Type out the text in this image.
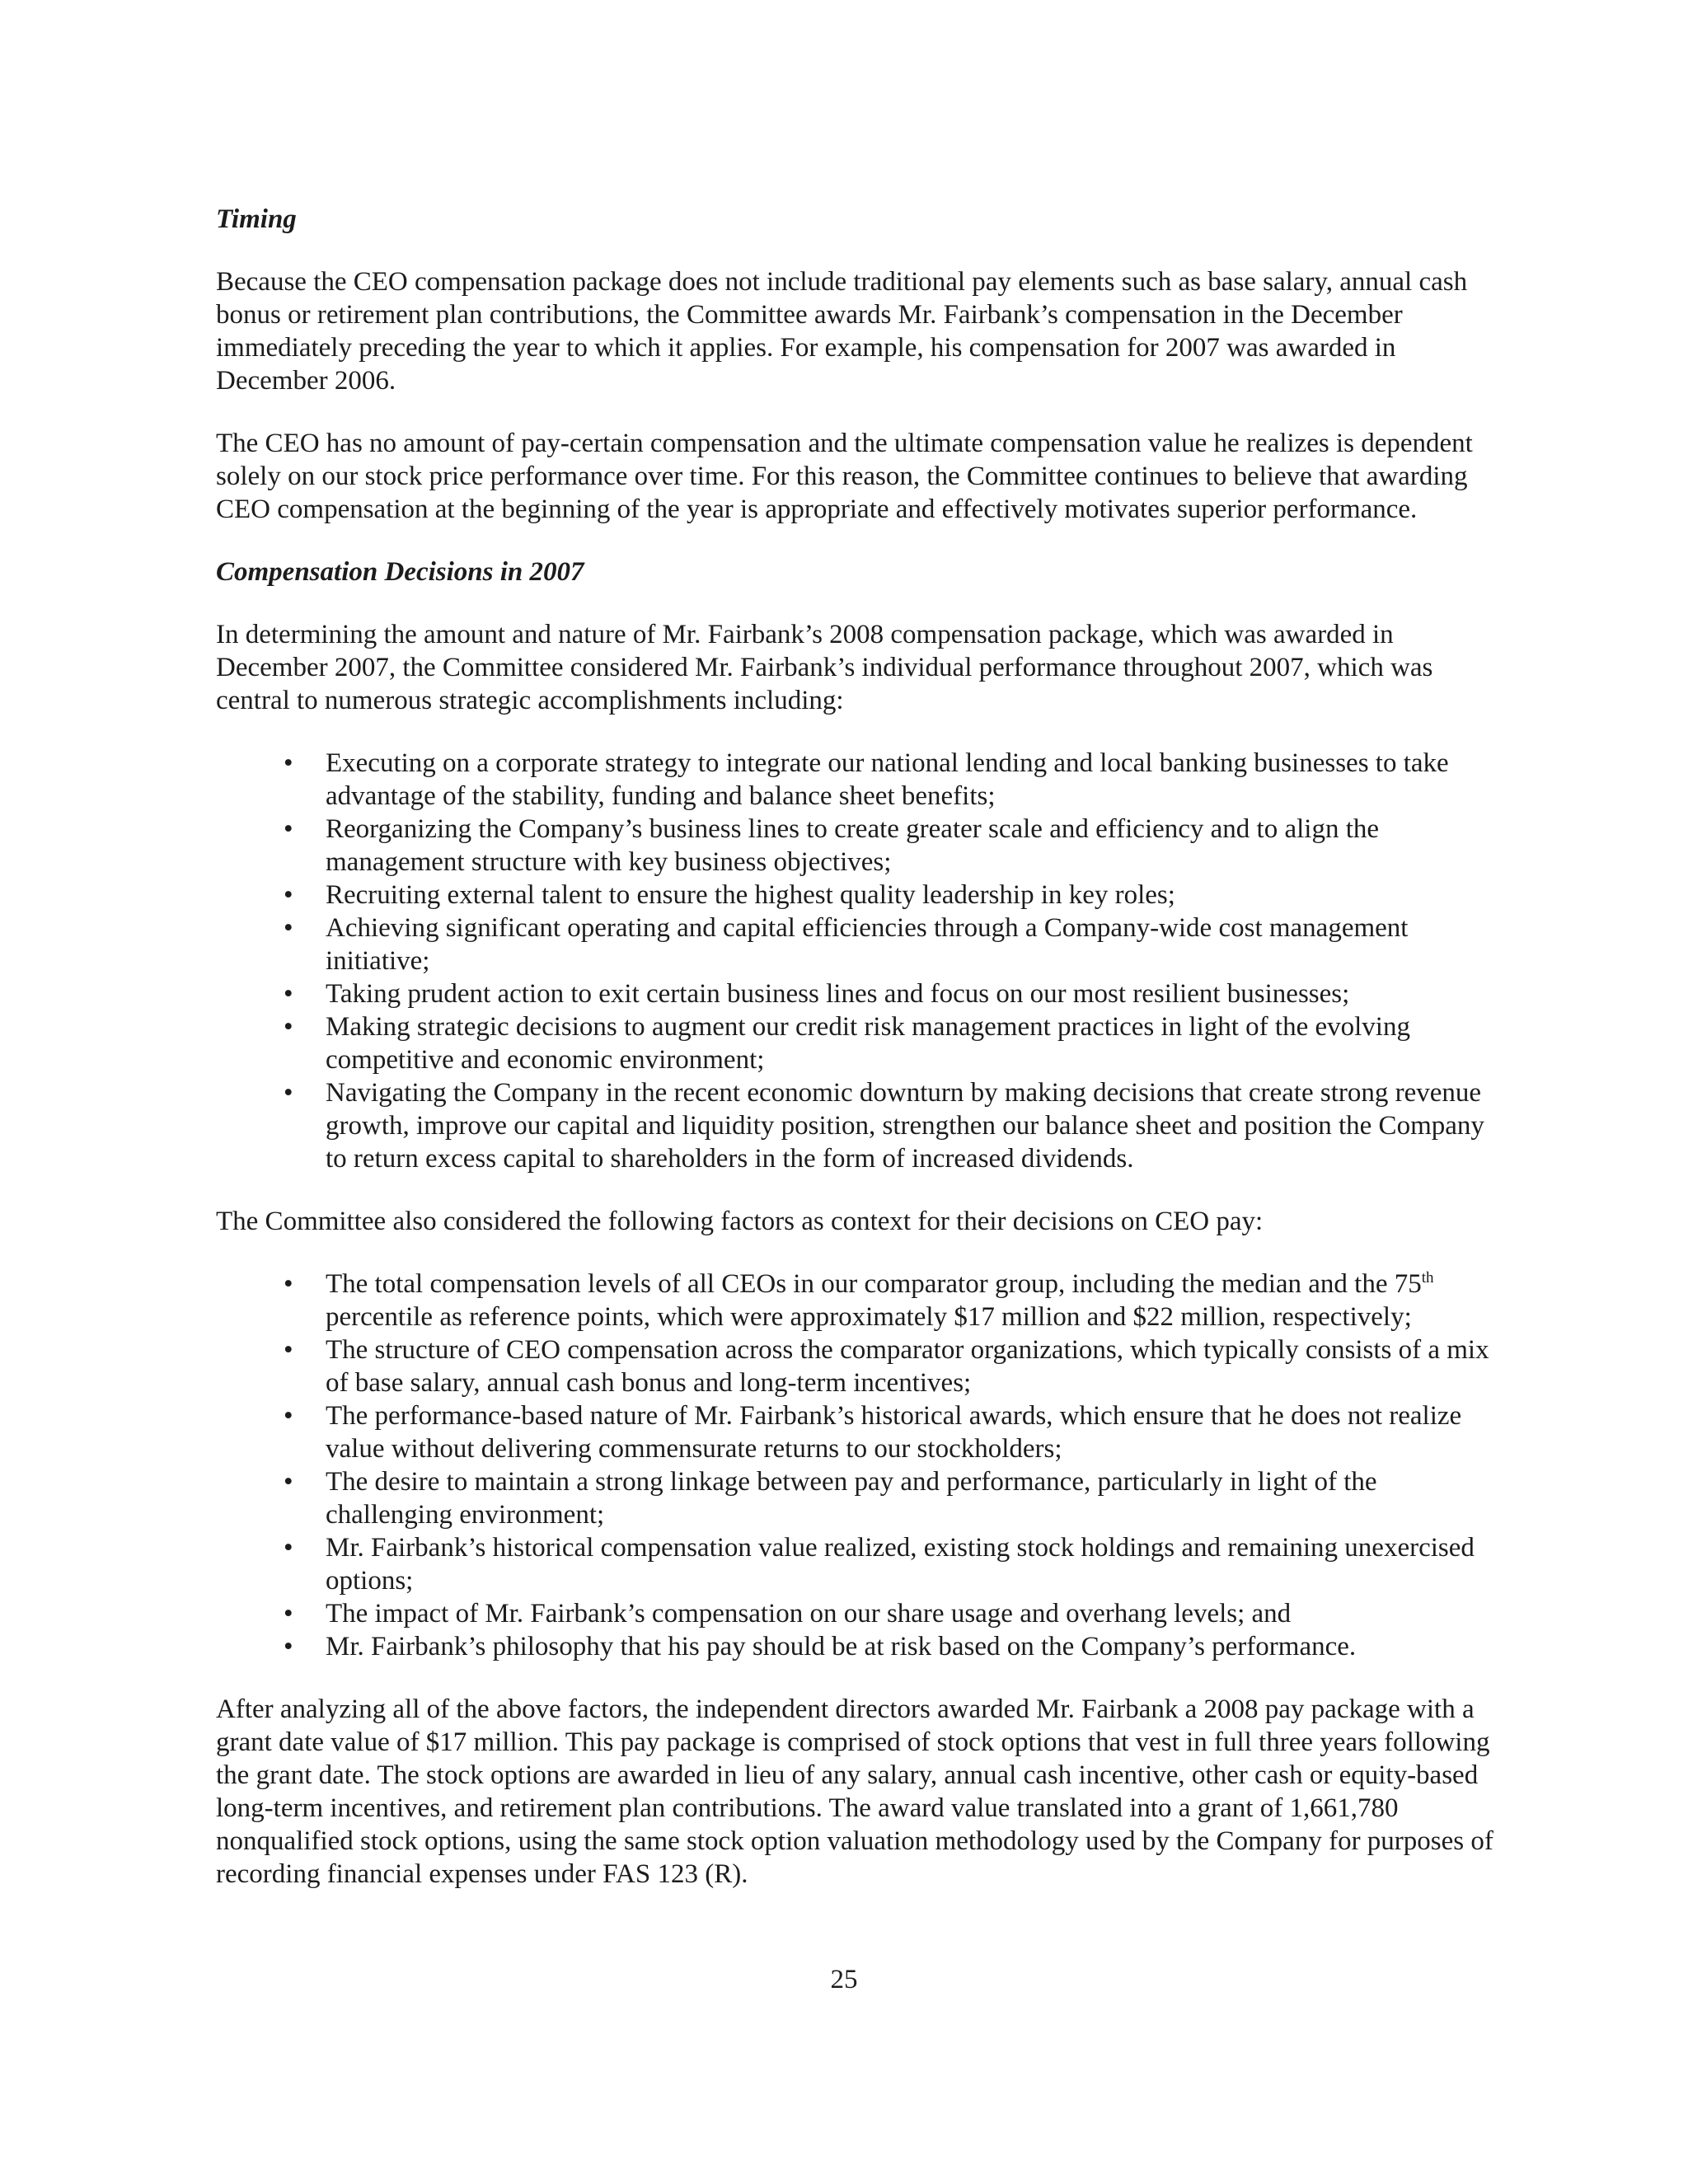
Timing

Because the CEO compensation package does not include traditional pay elements such as base salary, annual cash bonus or retirement plan contributions, the Committee awards Mr. Fairbank’s compensation in the December immediately preceding the year to which it applies. For example, his compensation for 2007 was awarded in December 2006.

The CEO has no amount of pay-certain compensation and the ultimate compensation value he realizes is dependent solely on our stock price performance over time. For this reason, the Committee continues to believe that awarding CEO compensation at the beginning of the year is appropriate and effectively motivates superior performance.

Compensation Decisions in 2007

In determining the amount and nature of Mr. Fairbank’s 2008 compensation package, which was awarded in December 2007, the Committee considered Mr. Fairbank’s individual performance throughout 2007, which was central to numerous strategic accomplishments including:

• Executing on a corporate strategy to integrate our national lending and local banking businesses to take advantage of the stability, funding and balance sheet benefits;
• Reorganizing the Company’s business lines to create greater scale and efficiency and to align the management structure with key business objectives;
• Recruiting external talent to ensure the highest quality leadership in key roles;
• Achieving significant operating and capital efficiencies through a Company-wide cost management initiative;
• Taking prudent action to exit certain business lines and focus on our most resilient businesses;
• Making strategic decisions to augment our credit risk management practices in light of the evolving competitive and economic environment;
• Navigating the Company in the recent economic downturn by making decisions that create strong revenue growth, improve our capital and liquidity position, strengthen our balance sheet and position the Company to return excess capital to shareholders in the form of increased dividends.

The Committee also considered the following factors as context for their decisions on CEO pay:

• The total compensation levels of all CEOs in our comparator group, including the median and the 75th percentile as reference points, which were approximately $17 million and $22 million, respectively;
• The structure of CEO compensation across the comparator organizations, which typically consists of a mix of base salary, annual cash bonus and long-term incentives;
• The performance-based nature of Mr. Fairbank’s historical awards, which ensure that he does not realize value without delivering commensurate returns to our stockholders;
• The desire to maintain a strong linkage between pay and performance, particularly in light of the challenging environment;
• Mr. Fairbank’s historical compensation value realized, existing stock holdings and remaining unexercised options;
• The impact of Mr. Fairbank’s compensation on our share usage and overhang levels; and
• Mr. Fairbank’s philosophy that his pay should be at risk based on the Company’s performance.

After analyzing all of the above factors, the independent directors awarded Mr. Fairbank a 2008 pay package with a grant date value of $17 million. This pay package is comprised of stock options that vest in full three years following the grant date. The stock options are awarded in lieu of any salary, annual cash incentive, other cash or equity-based long-term incentives, and retirement plan contributions. The award value translated into a grant of 1,661,780 nonqualified stock options, using the same stock option valuation methodology used by the Company for purposes of recording financial expenses under FAS 123 (R).

25
